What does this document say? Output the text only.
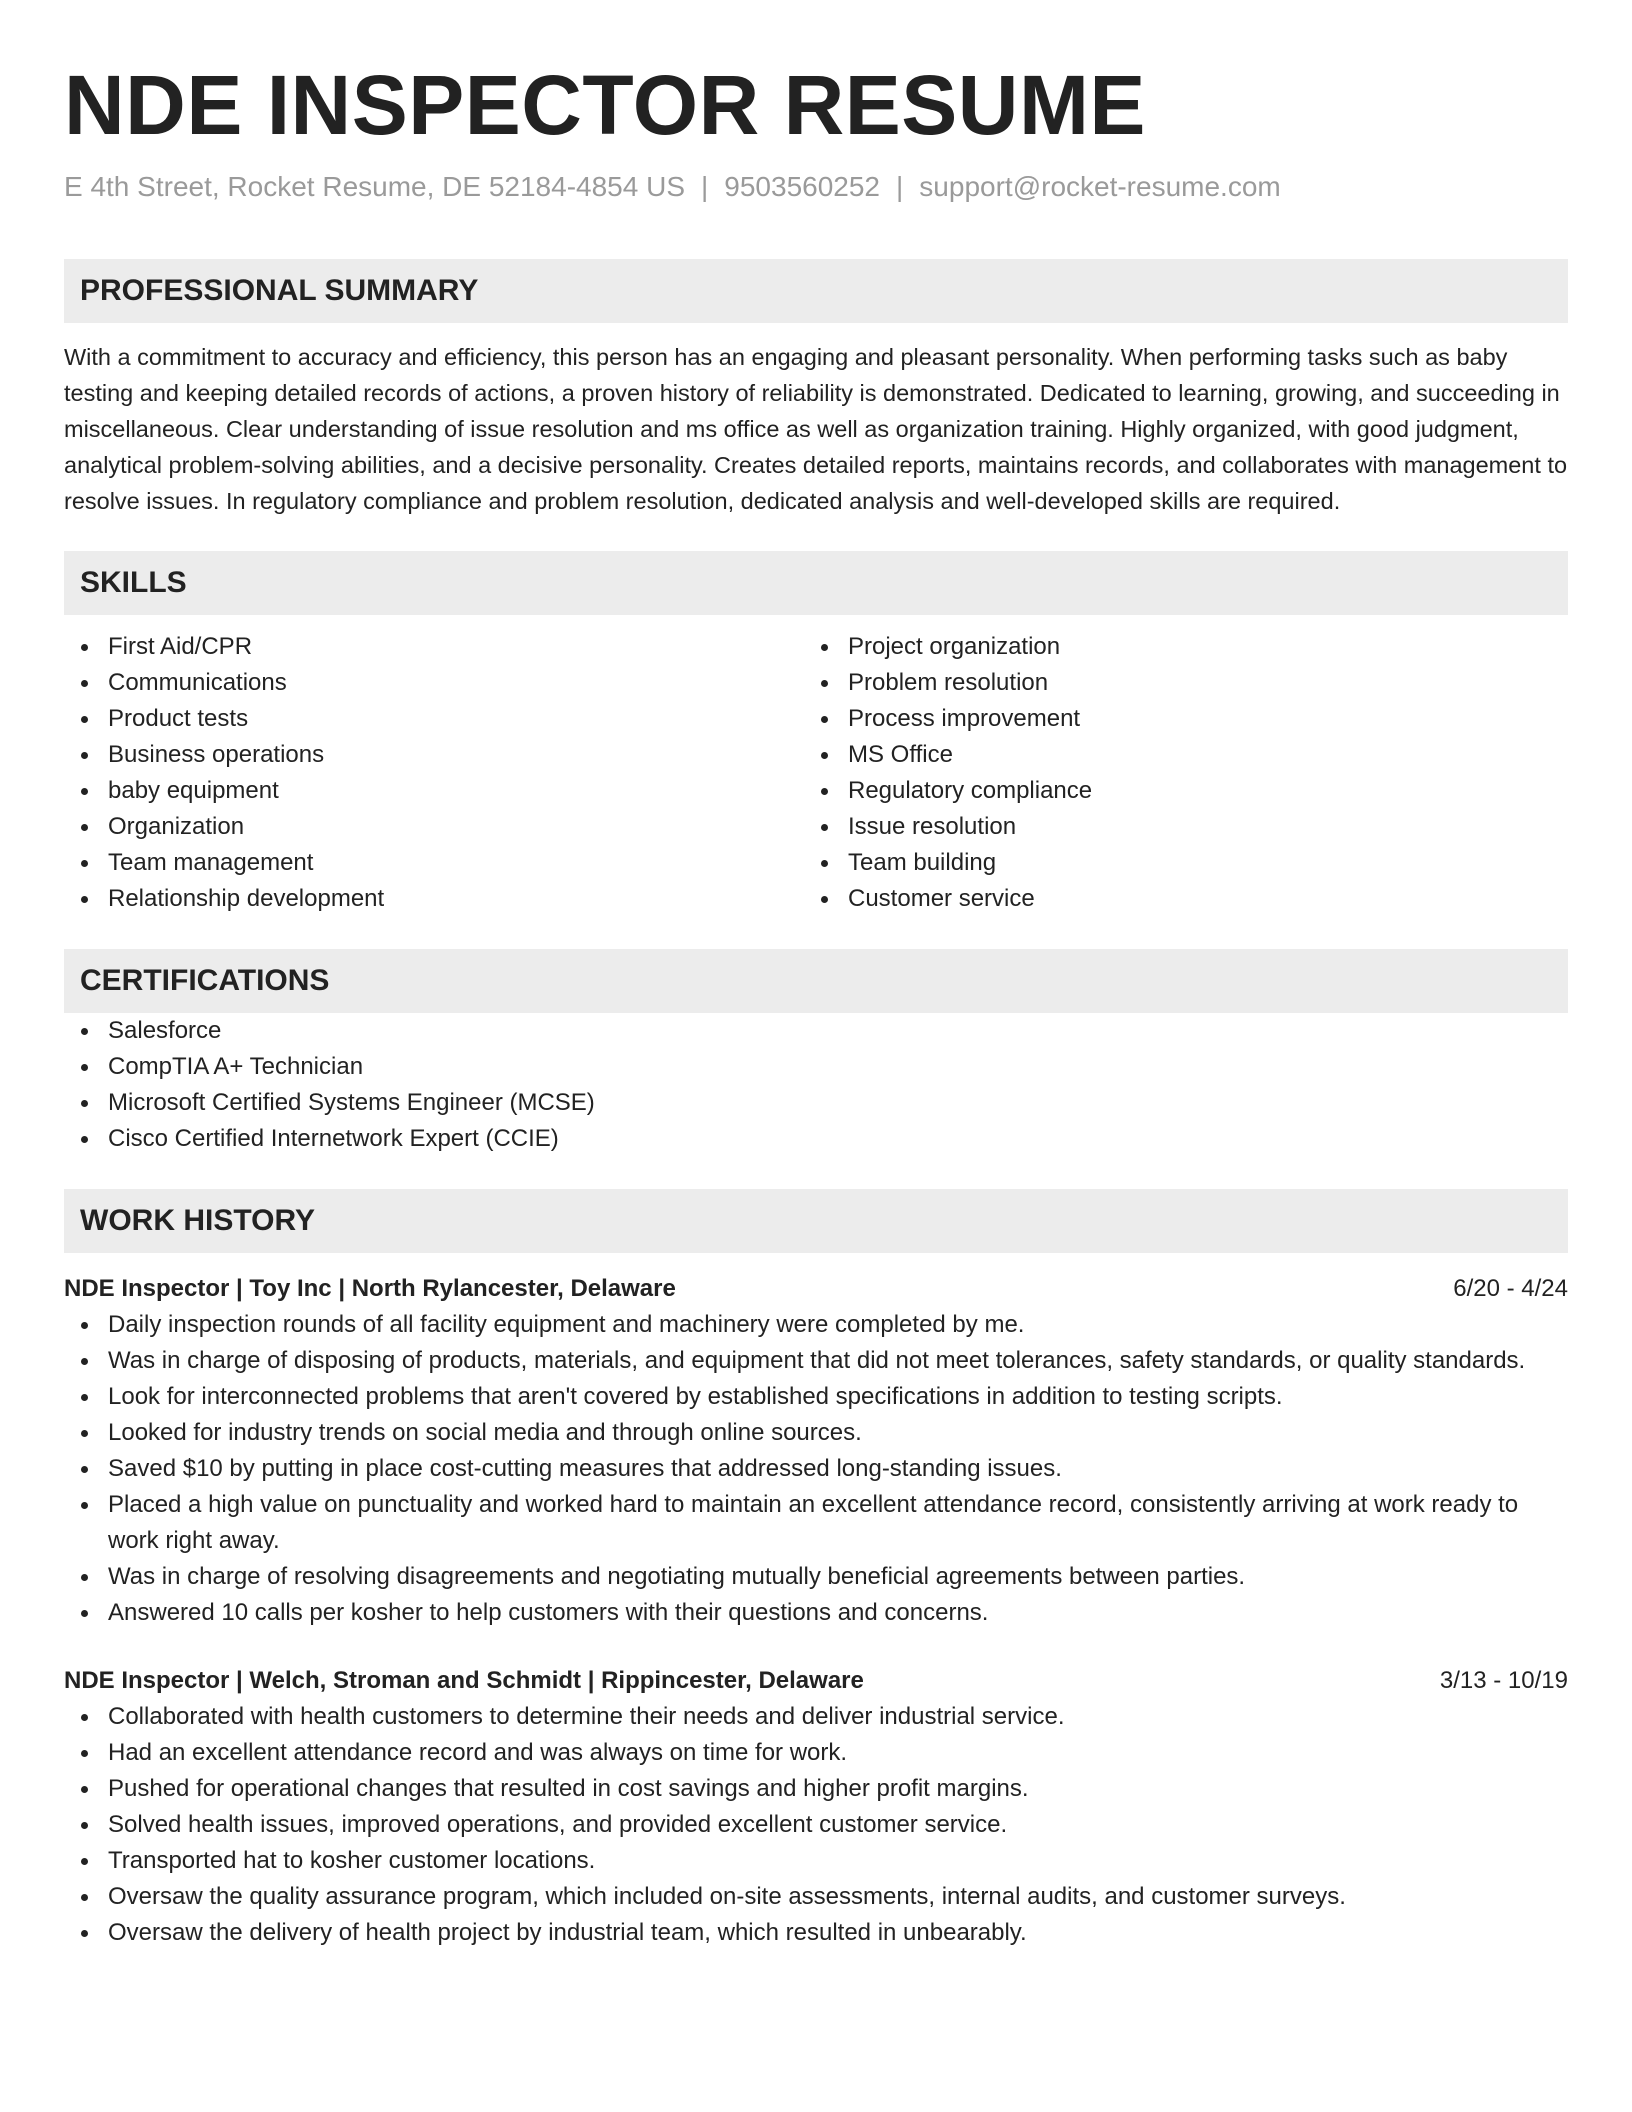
NDE INSPECTOR RESUME
E 4th Street, Rocket Resume, DE 52184-4854 US | 9503560252 | support@rocket-resume.com
PROFESSIONAL SUMMARY
With a commitment to accuracy and efficiency, this person has an engaging and pleasant personality. When performing tasks such as baby testing and keeping detailed records of actions, a proven history of reliability is demonstrated. Dedicated to learning, growing, and succeeding in miscellaneous. Clear understanding of issue resolution and ms office as well as organization training. Highly organized, with good judgment, analytical problem-solving abilities, and a decisive personality. Creates detailed reports, maintains records, and collaborates with management to resolve issues. In regulatory compliance and problem resolution, dedicated analysis and well-developed skills are required.
SKILLS
First Aid/CPR
Communications
Product tests
Business operations
baby equipment
Organization
Team management
Relationship development
Project organization
Problem resolution
Process improvement
MS Office
Regulatory compliance
Issue resolution
Team building
Customer service
CERTIFICATIONS
Salesforce
CompTIA A+ Technician
Microsoft Certified Systems Engineer (MCSE)
Cisco Certified Internetwork Expert (CCIE)
WORK HISTORY
NDE Inspector | Toy Inc | North Rylancester, Delaware	6/20 - 4/24
Daily inspection rounds of all facility equipment and machinery were completed by me.
Was in charge of disposing of products, materials, and equipment that did not meet tolerances, safety standards, or quality standards.
Look for interconnected problems that aren't covered by established specifications in addition to testing scripts.
Looked for industry trends on social media and through online sources.
Saved $10 by putting in place cost-cutting measures that addressed long-standing issues.
Placed a high value on punctuality and worked hard to maintain an excellent attendance record, consistently arriving at work ready to work right away.
Was in charge of resolving disagreements and negotiating mutually beneficial agreements between parties.
Answered 10 calls per kosher to help customers with their questions and concerns.
NDE Inspector | Welch, Stroman and Schmidt | Rippincester, Delaware	3/13 - 10/19
Collaborated with health customers to determine their needs and deliver industrial service.
Had an excellent attendance record and was always on time for work.
Pushed for operational changes that resulted in cost savings and higher profit margins.
Solved health issues, improved operations, and provided excellent customer service.
Transported hat to kosher customer locations.
Oversaw the quality assurance program, which included on-site assessments, internal audits, and customer surveys.
Oversaw the delivery of health project by industrial team, which resulted in unbearably.
